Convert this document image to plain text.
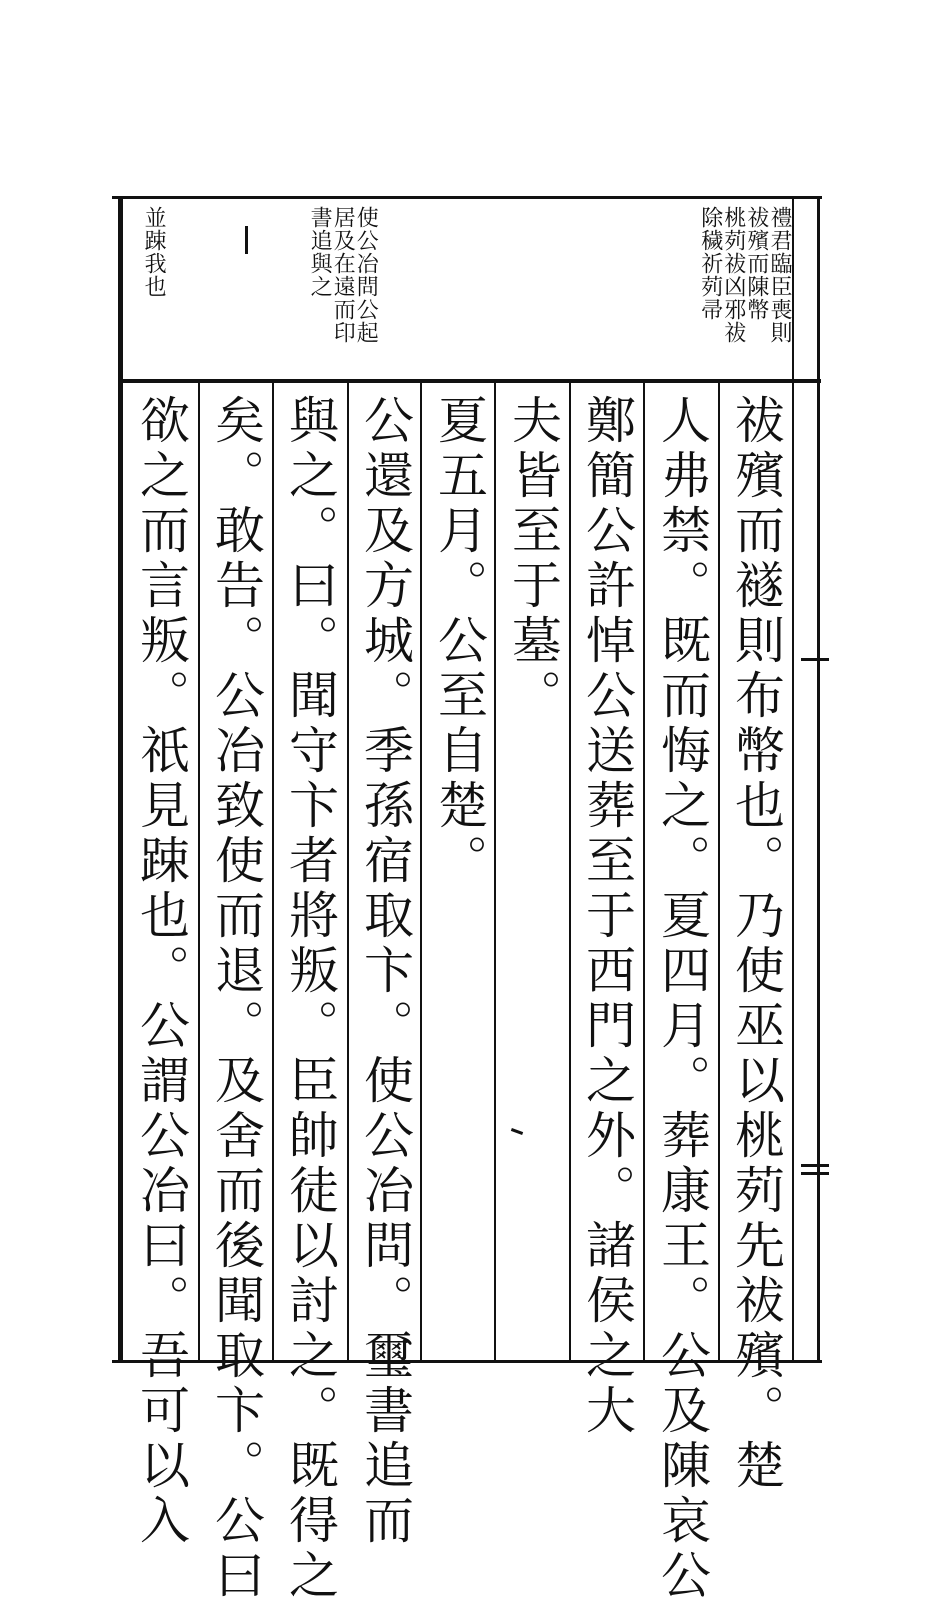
禮君臨臣喪則
祓殯而陳幣
桃茢祓凶邪祓
除穢祈茢帚
使公冶問公起
居及在遠而印
書追與之
並踈我也
祓殯而襚則布幣也。乃使巫以桃茢先祓殯。楚
人弗禁。既而悔之。夏四月。葬康王。公及陳哀公
鄭簡公許悼公送葬至于西門之外。諸侯之大
夫皆至于墓。
夏五月。公至自楚。
公還及方城。季孫宿取卞。使公冶問。璽書追而
與之。曰。聞守卞者將叛。臣帥徒以討之。既得之
矣。敢告。公冶致使而退。及舍而後聞取卞。公曰
欲之而言叛。祇見踈也。公謂公冶曰。吾可以入
